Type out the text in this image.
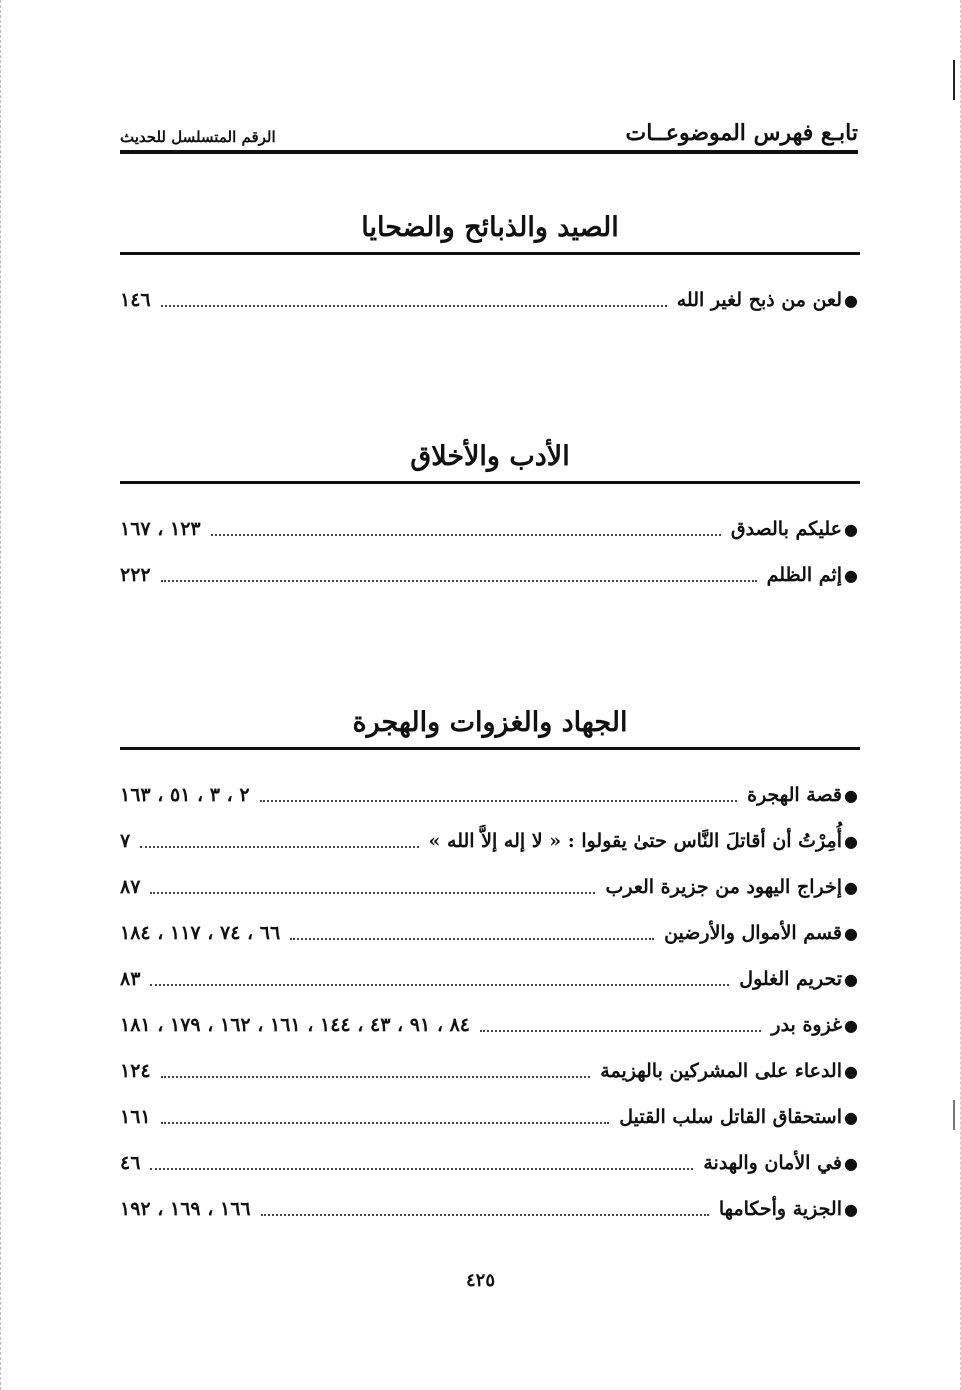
تابـع فهرس الموضوعــات
الرقم المتسلسل للحديث
الصيد والذبائح والضحايا
●
لعن من ذبح لغير الله
١٤٦
الأدب والأخلاق
●
عليكم بالصدق
١٢٣ ، ١٦٧
●
إثم الظلم
٢٢٢
الجهاد والغزوات والهجرة
●
قصة الهجرة
٢ ، ٣ ، ٥١ ، ١٦٣
●
أُمِرْتُ أن أقاتلَ النَّاس حتىٰ يقولوا : « لا إله إلاَّ الله »
٧
●
إخراج اليهود من جزيرة العرب
٨٧
●
قسم الأموال والأرضين
٦٦ ، ٧٤ ، ١١٧ ، ١٨٤
●
تحريم الغلول
٨٣
●
غزوة بدر
٨٤ ، ٩١ ، ٤٣ ، ١٤٤ ، ١٦١ ، ١٦٢ ، ١٧٩ ، ١٨١
●
الدعاء على المشركين بالهزيمة
١٢٤
●
استحقاق القاتل سلب القتيل
١٦١
●
في الأمان والهدنة
٤٦
●
الجزية وأحكامها
١٦٦ ، ١٦٩ ، ١٩٢
٤٢٥
